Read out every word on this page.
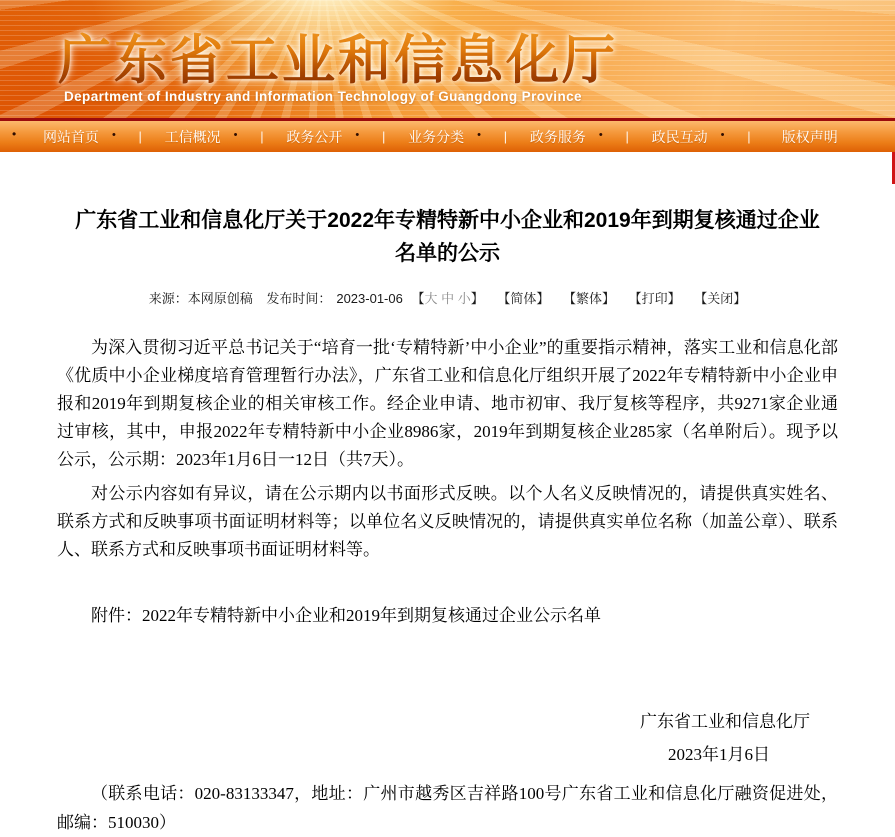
广东省工业和信息化厅
Department of Industry and Information Technology of Guangdong Province
•	网站首页 •	|	工信概况 •	|	政务公开 •	|	业务分类 •	|	政务服务 •	|	政民互动 •	|	版权声明
广东省工业和信息化厅关于2022年专精特新中小企业和2019年到期复核通过企业名单的公示
来源：本网原创稿 发布时间： 2023-01-06 【大 中 小】 【简体】 【繁体】 【打印】 【关闭】

为深入贯彻习近平总书记关于“培育一批‘专精特新’中小企业”的重要指示精神，落实工业和信息化部《优质中小企业梯度培育管理暂行办法》，广东省工业和信息化厅组织开展了2022年专精特新中小企业申报和2019年到期复核企业的相关审核工作。经企业申请、地市初审、我厅复核等程序，共9271家企业通过审核，其中，申报2022年专精特新中小企业8986家，2019年到期复核企业285家（名单附后）。现予以公示，公示期：2023年1月6日一12日（共7天）。

对公示内容如有异议，请在公示期内以书面形式反映。以个人名义反映情况的，请提供真实姓名、联系方式和反映事项书面证明材料等；以单位名义反映情况的，请提供真实单位名称（加盖公章）、联系人、联系方式和反映事项书面证明材料等。

附件：2022年专精特新中小企业和2019年到期复核通过企业公示名单

广东省工业和信息化厅
2023年1月6日

（联系电话：020-83133347，地址：广州市越秀区吉祥路100号广东省工业和信息化厅融资促进处，邮编：510030）
